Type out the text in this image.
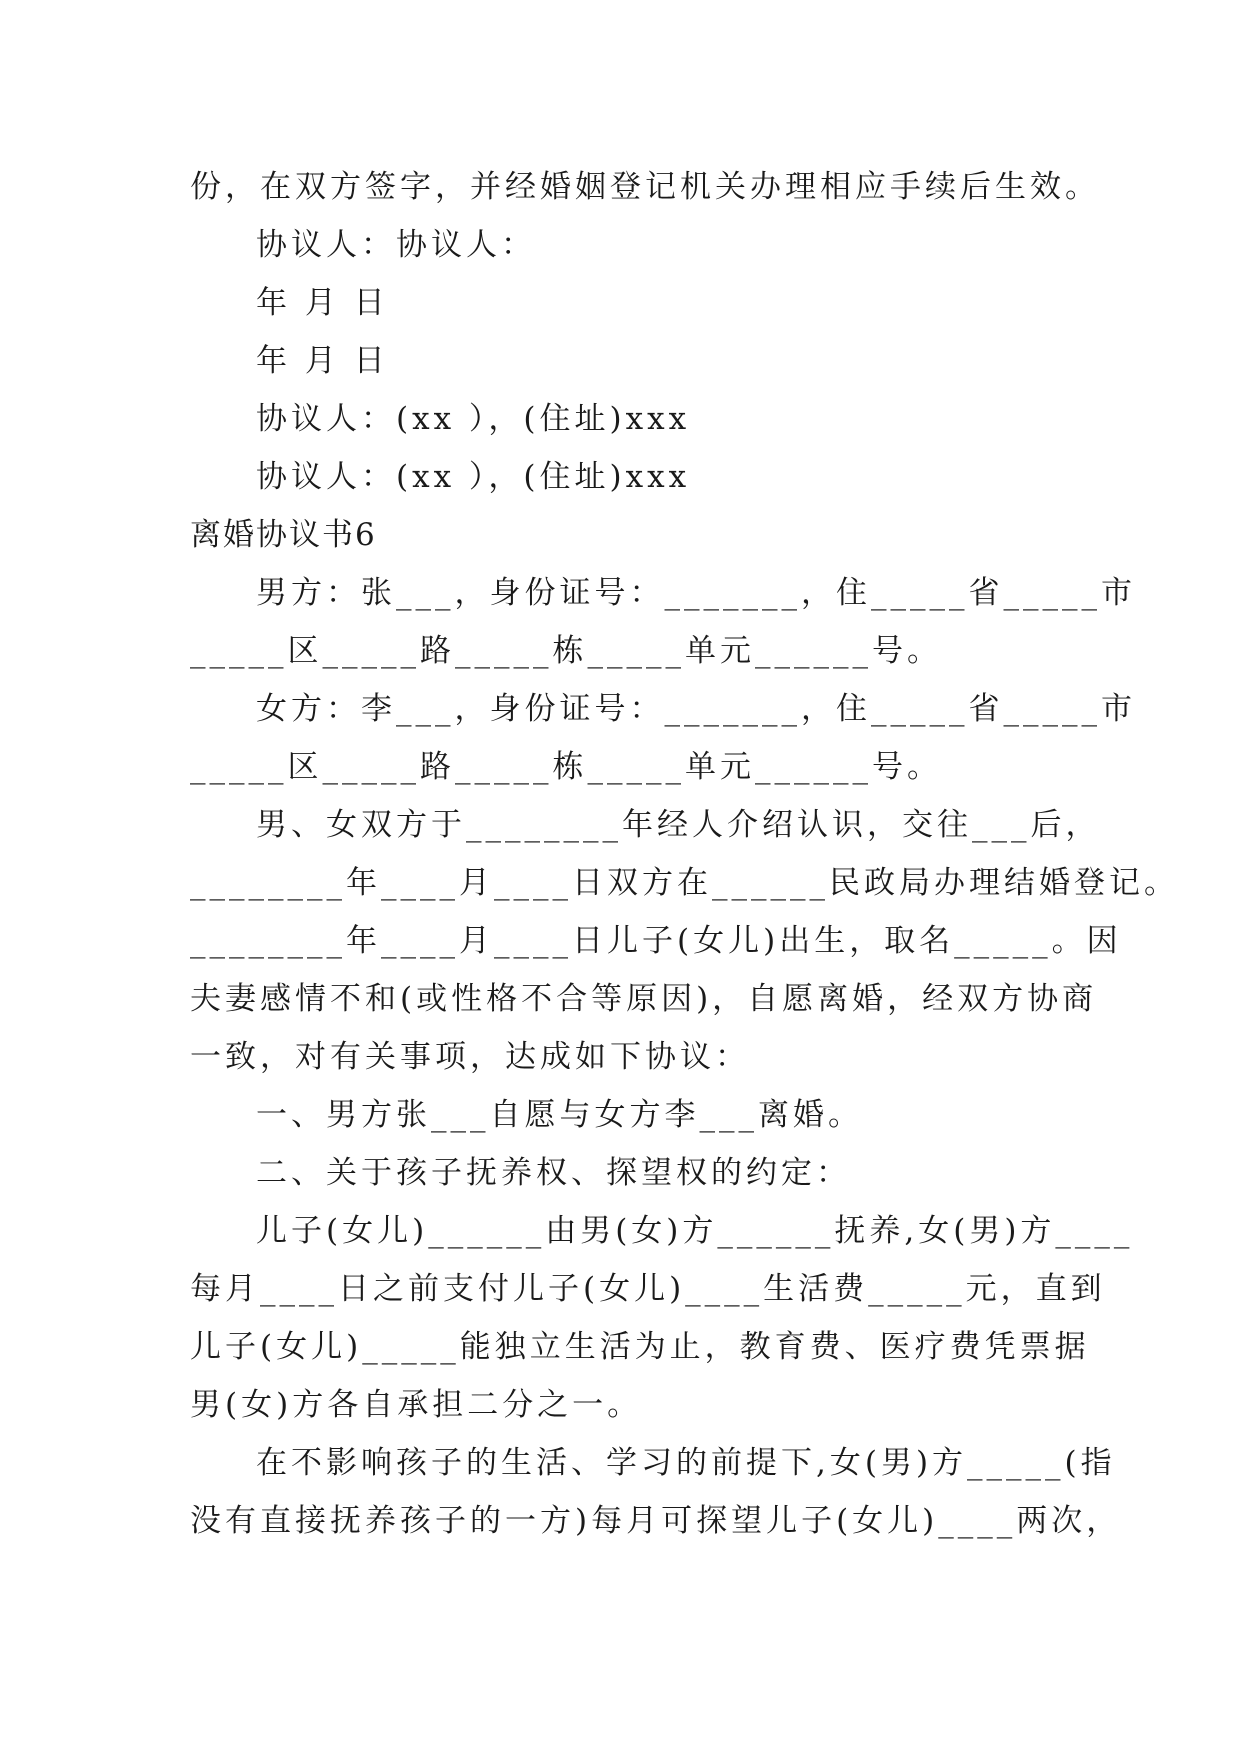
份，在双方签字，并经婚姻登记机关办理相应手续后生效。
协议人：协议人：
年 月 日
年 月 日
协议人：(xx ），(住址)xxx
协议人：(xx ），(住址)xxx
离婚协议书6
男方：张___，身份证号：_______，住_____省_____市
_____区_____路_____栋_____单元______号。
女方：李___，身份证号：_______，住_____省_____市
_____区_____路_____栋_____单元______号。
男、女双方于________年经人介绍认识，交往___后，
________年____月____日双方在______民政局办理结婚登记。
________年____月____日儿子(女儿)出生，取名_____。因
夫妻感情不和(或性格不合等原因)，自愿离婚，经双方协商
一致，对有关事项，达成如下协议：
一、男方张___自愿与女方李___离婚。
二、关于孩子抚养权、探望权的约定：
儿子(女儿)______由男(女)方______抚养,女(男)方____
每月____日之前支付儿子(女儿)____生活费_____元，直到
儿子(女儿)_____能独立生活为止，教育费、医疗费凭票据
男(女)方各自承担二分之一。
在不影响孩子的生活、学习的前提下,女(男)方_____(指
没有直接抚养孩子的一方)每月可探望儿子(女儿)____两次，
